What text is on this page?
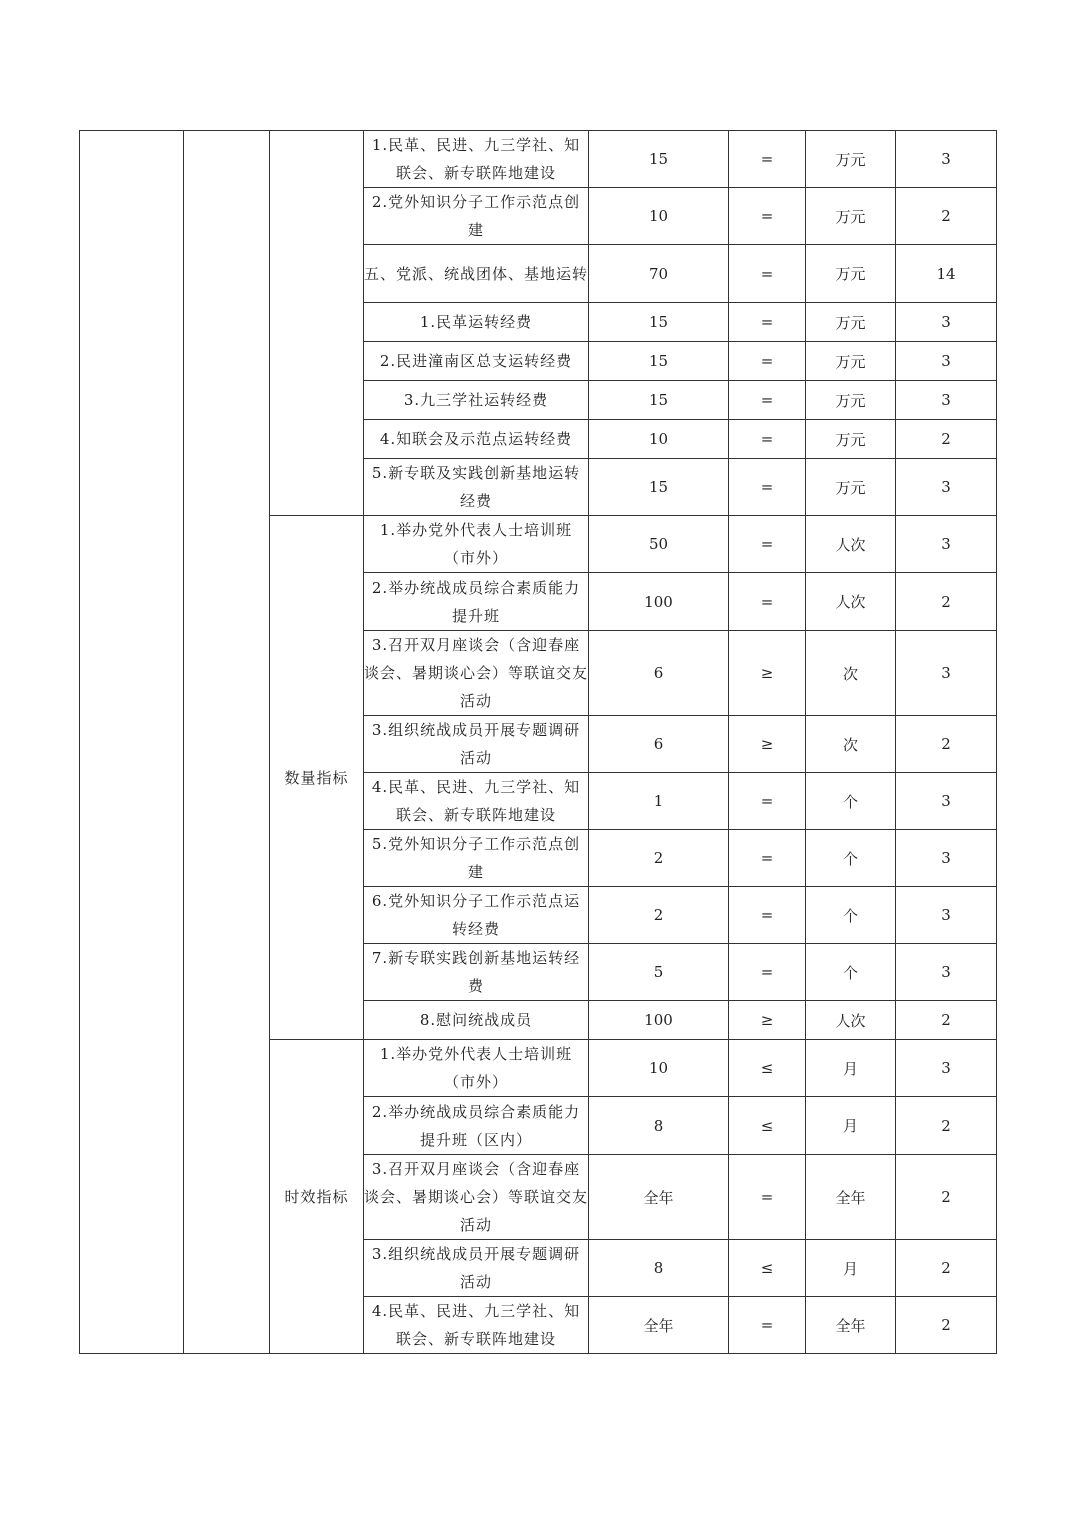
			1.民革、民进、九三学社、知联会、新专联阵地建设	15	=	万元	3
			2.党外知识分子工作示范点创建	10	=	万元	2
			五、党派、统战团体、基地运转	70	=	万元	14
			1.民革运转经费	15	=	万元	3
			2.民进潼南区总支运转经费	15	=	万元	3
			3.九三学社运转经费	15	=	万元	3
			4.知联会及示范点运转经费	10	=	万元	2
			5.新专联及实践创新基地运转经费	15	=	万元	3
		数量指标	1.举办党外代表人士培训班（市外）	50	=	人次	3
			2.举办统战成员综合素质能力提升班	100	=	人次	2
			3.召开双月座谈会（含迎春座谈会、暑期谈心会）等联谊交友活动	6	≥	次	3
			3.组织统战成员开展专题调研活动	6	≥	次	2
			4.民革、民进、九三学社、知联会、新专联阵地建设	1	=	个	3
			5.党外知识分子工作示范点创建	2	=	个	3
			6.党外知识分子工作示范点运转经费	2	=	个	3
			7.新专联实践创新基地运转经费	5	=	个	3
			8.慰问统战成员	100	≥	人次	2
		时效指标	1.举办党外代表人士培训班（市外）	10	≤	月	3
			2.举办统战成员综合素质能力提升班（区内）	8	≤	月	2
			3.召开双月座谈会（含迎春座谈会、暑期谈心会）等联谊交友活动	全年	=	全年	2
			3.组织统战成员开展专题调研活动	8	≤	月	2
			4.民革、民进、九三学社、知联会、新专联阵地建设	全年	=	全年	2
